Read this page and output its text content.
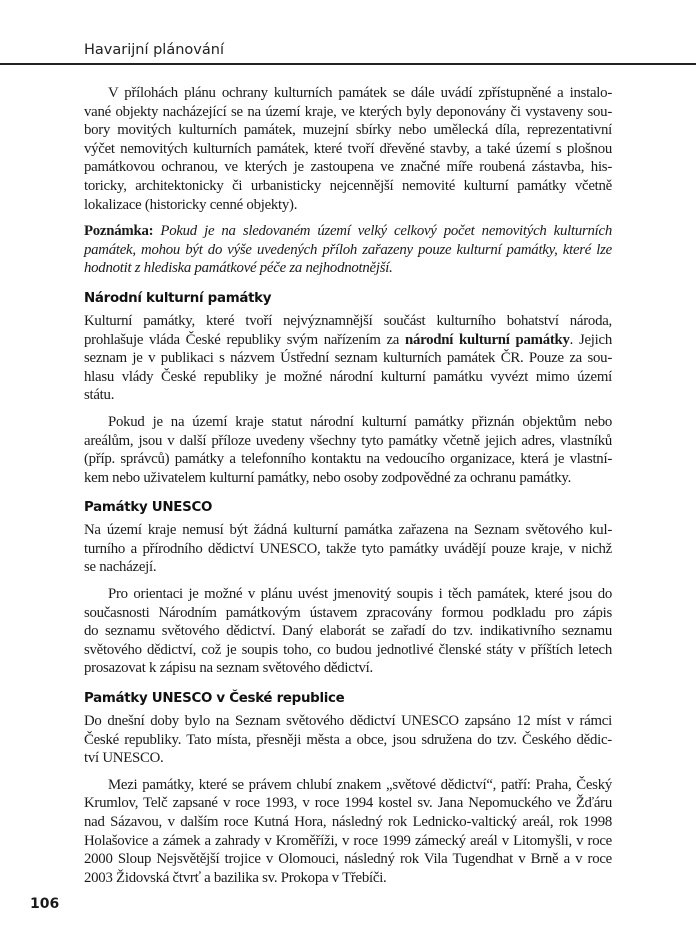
Havarijní plánování
V přílohách plánu ochrany kulturních památek se dále uvádí zpřístupněné a instalo-
vané objekty nacházející se na území kraje, ve kterých byly deponovány či vystaveny sou-
bory movitých kulturních památek, muzejní sbírky nebo umělecká díla, reprezentativní
výčet nemovitých kulturních památek, které tvoří dřevěné stavby, a také území s plošnou
památkovou ochranou, ve kterých je zastoupena ve značné míře roubená zástavba, his-
toricky, architektonicky či urbanisticky nejcennější nemovité kulturní památky včetně
lokalizace (historicky cenné objekty).
Poznámka: Pokud je na sledovaném území velký celkový počet nemovitých kulturních
památek, mohou být do výše uvedených příloh zařazeny pouze kulturní památky, které lze
hodnotit z hlediska památkové péče za nejhodnotnější.
Národní kulturní památky
Kulturní památky, které tvoří nejvýznamnější součást kulturního bohatství národa,
prohlašuje vláda České republiky svým nařízením za národní kulturní památky. Jejich
seznam je v publikaci s názvem Ústřední seznam kulturních památek ČR. Pouze za sou-
hlasu vlády České republiky je možné národní kulturní památku vyvézt mimo území
státu.
Pokud je na území kraje statut národní kulturní památky přiznán objektům nebo
areálům, jsou v další příloze uvedeny všechny tyto památky včetně jejich adres, vlastníků
(příp. správců) památky a telefonního kontaktu na vedoucího organizace, která je vlastní-
kem nebo uživatelem kulturní památky, nebo osoby zodpovědné za ochranu památky.
Památky UNESCO
Na území kraje nemusí být žádná kulturní památka zařazena na Seznam světového kul-
turního a přírodního dědictví UNESCO, takže tyto památky uvádějí pouze kraje, v nichž
se nacházejí.
Pro orientaci je možné v plánu uvést jmenovitý soupis i těch památek, které jsou do
současnosti Národním památkovým ústavem zpracovány formou podkladu pro zápis
do seznamu světového dědictví. Daný elaborát se zařadí do tzv. indikativního seznamu
světového dědictví, což je soupis toho, co budou jednotlivé členské státy v příštích letech
prosazovat k zápisu na seznam světového dědictví.
Památky UNESCO v České republice
Do dnešní doby bylo na Seznam světového dědictví UNESCO zapsáno 12 míst v rámci
České republiky. Tato místa, přesněji města a obce, jsou sdružena do tzv. Českého dědic-
tví UNESCO.
Mezi památky, které se právem chlubí znakem „světové dědictví“, patří: Praha, Český
Krumlov, Telč zapsané v roce 1993, v roce 1994 kostel sv. Jana Nepomuckého ve Žďáru
nad Sázavou, v dalším roce Kutná Hora, následný rok Lednicko-valtický areál, rok 1998
Holašovice a zámek a zahrady v Kroměříži, v roce 1999 zámecký areál v Litomyšli, v roce
2000 Sloup Nejsvětější trojice v Olomouci, následný rok Vila Tugendhat v Brně a v roce
2003 Židovská čtvrť a bazilika sv. Prokopa v Třebíči.
106
